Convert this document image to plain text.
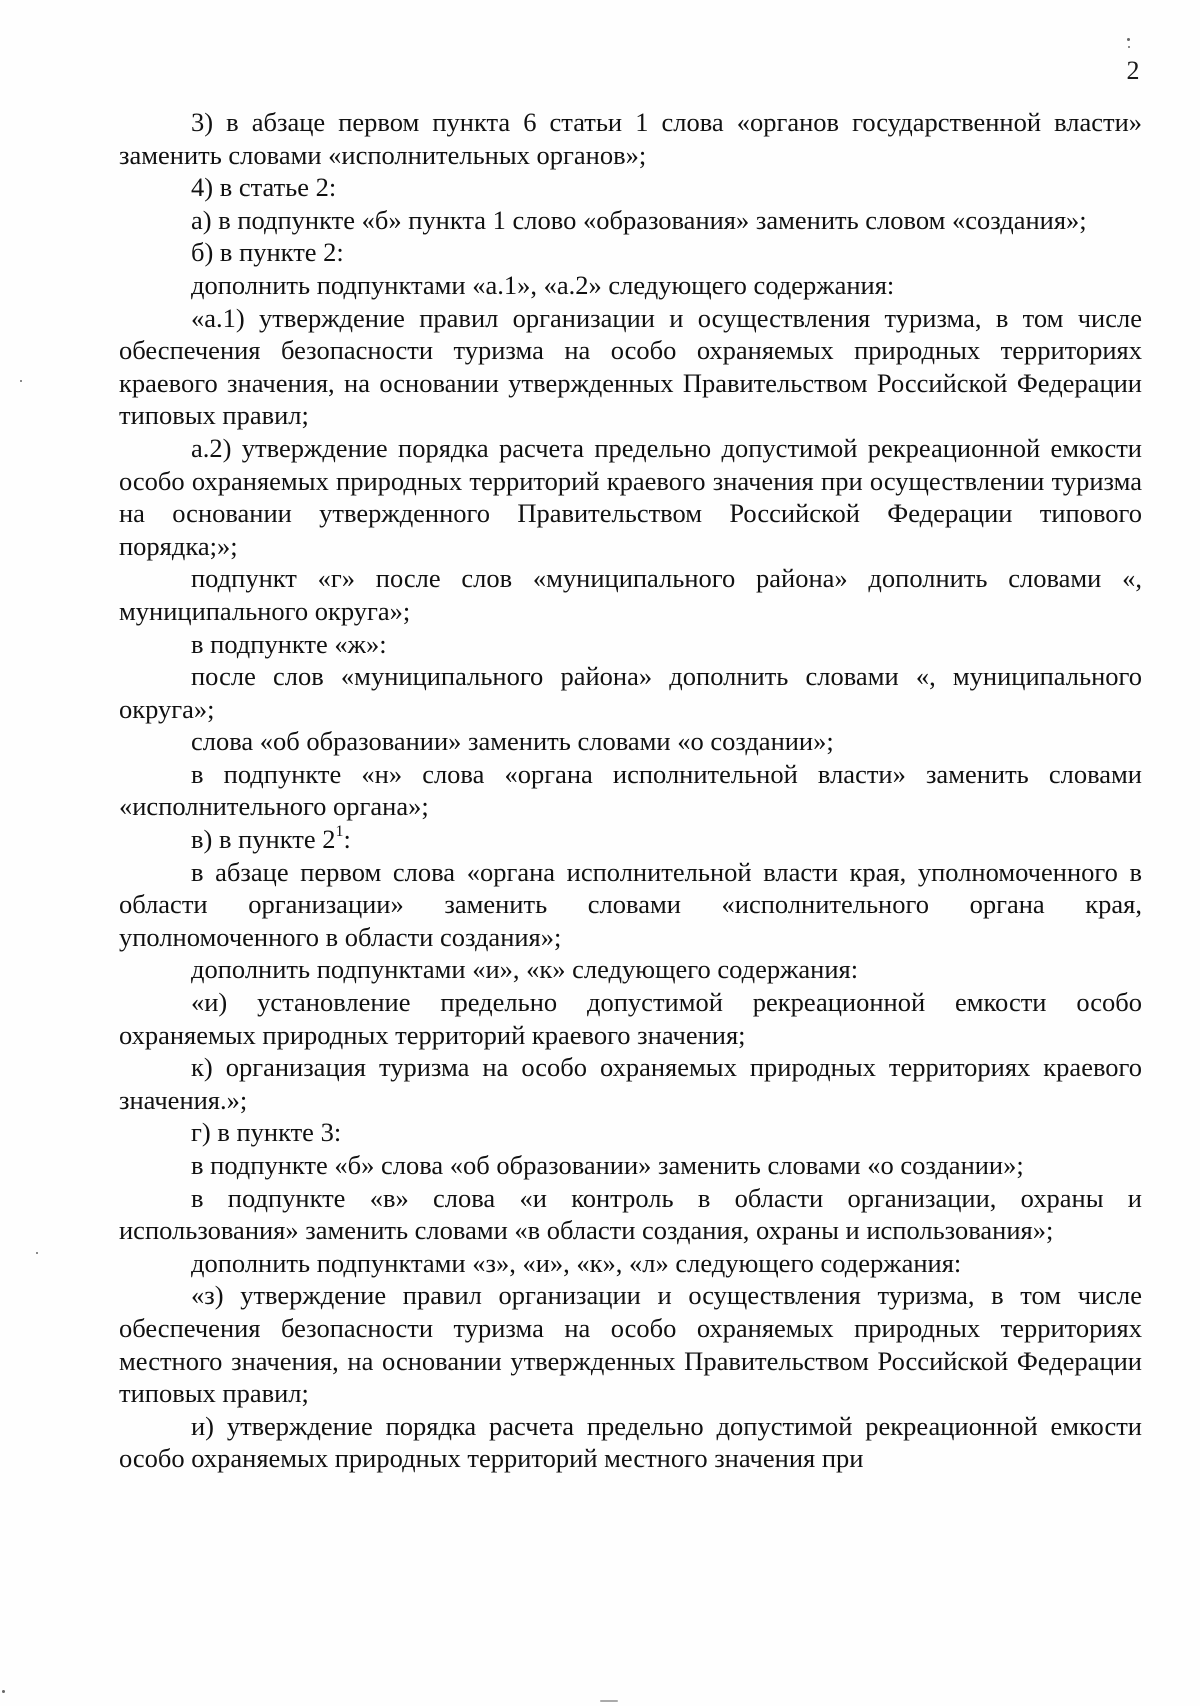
2

3) в абзаце первом пункта 6 статьи 1 слова «органов государственной власти» заменить словами «исполнительных органов»;

4) в статье 2:

а) в подпункте «б» пункта 1 слово «образования» заменить словом «создания»;

б) в пункте 2:

дополнить подпунктами «а.1», «а.2» следующего содержания:

«а.1) утверждение правил организации и осуществления туризма, в том числе обеспечения безопасности туризма на особо охраняемых природных территориях краевого значения, на основании утвержденных Правительством Российской Федерации типовых правил;

а.2) утверждение порядка расчета предельно допустимой рекреационной емкости особо охраняемых природных территорий краевого значения при осуществлении туризма на основании утвержденного Правительством Российской Федерации типового порядка;»;

подпункт «г» после слов «муниципального района» дополнить словами «, муниципального округа»;

в подпункте «ж»:

после слов «муниципального района» дополнить словами «, муниципального округа»;

слова «об образовании» заменить словами «о создании»;

в подпункте «н» слова «органа исполнительной власти» заменить словами «исполнительного органа»;

в) в пункте $2^1$:

в абзаце первом слова «органа исполнительной власти края, уполномоченного в области организации» заменить словами «исполнительного органа края, уполномоченного в области создания»;

дополнить подпунктами «и», «к» следующего содержания:

«и) установление предельно допустимой рекреационной емкости особо охраняемых природных территорий краевого значения;

к) организация туризма на особо охраняемых природных территориях краевого значения.»;

г) в пункте 3:

в подпункте «б» слова «об образовании» заменить словами «о создании»;

в подпункте «в» слова «и контроль в области организации, охраны и использования» заменить словами «в области создания, охраны и использования»;

дополнить подпунктами «з», «и», «к», «л» следующего содержания:

«з) утверждение правил организации и осуществления туризма, в том числе обеспечения безопасности туризма на особо охраняемых природных территориях местного значения, на основании утвержденных Правительством Российской Федерации типовых правил;

и) утверждение порядка расчета предельно допустимой рекреационной емкости особо охраняемых природных территорий местного значения при
